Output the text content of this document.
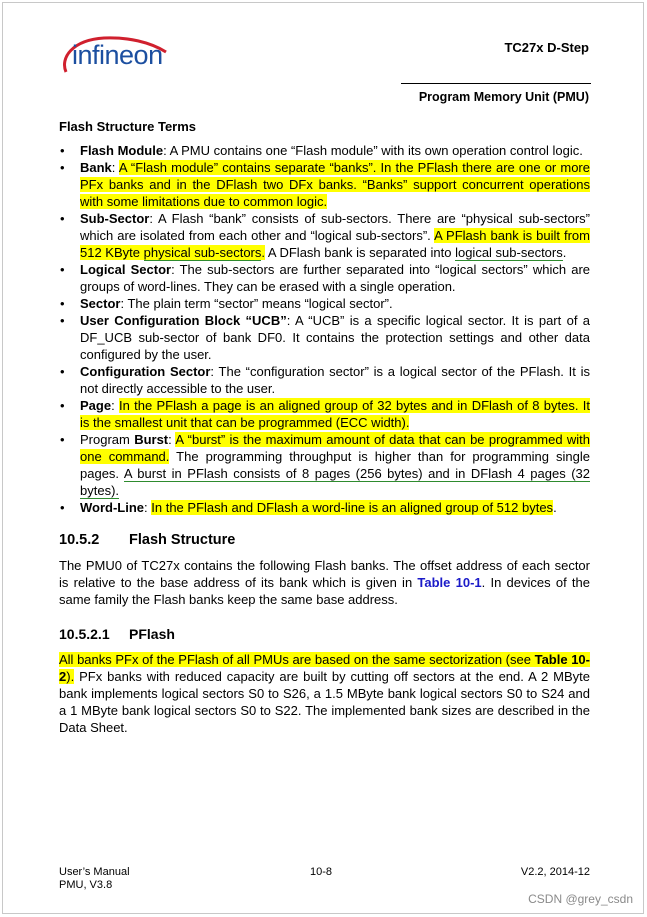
infineon	TC27x D-Step
Program Memory Unit (PMU)
Flash Structure Terms
• Flash Module: A PMU contains one “Flash module” with its own operation control logic.
• Bank: A “Flash module” contains separate “banks”. In the PFlash there are one or more PFx banks and in the DFlash two DFx banks. “Banks” support concurrent operations with some limitations due to common logic.
• Sub-Sector: A Flash “bank” consists of sub-sectors. There are “physical sub-sectors” which are isolated from each other and “logical sub-sectors”. A PFlash bank is built from 512 KByte physical sub-sectors. A DFlash bank is separated into logical sub-sectors.
• Logical Sector: The sub-sectors are further separated into “logical sectors” which are groups of word-lines. They can be erased with a single operation.
• Sector: The plain term “sector” means “logical sector”.
• User Configuration Block “UCB”: A “UCB” is a specific logical sector. It is part of a DF_UCB sub-sector of bank DF0. It contains the protection settings and other data configured by the user.
• Configuration Sector: The “configuration sector” is a logical sector of the PFlash. It is not directly accessible to the user.
• Page: In the PFlash a page is an aligned group of 32 bytes and in DFlash of 8 bytes. It is the smallest unit that can be programmed (ECC width).
• Program Burst: A “burst” is the maximum amount of data that can be programmed with one command. The programming throughput is higher than for programming single pages. A burst in PFlash consists of 8 pages (256 bytes) and in DFlash 4 pages (32 bytes).
• Word-Line: In the PFlash and DFlash a word-line is an aligned group of 512 bytes.
10.5.2 Flash Structure

The PMU0 of TC27x contains the following Flash banks. The offset address of each sector is relative to the base address of its bank which is given in Table 10-1. In devices of the same family the Flash banks keep the same base address.

10.5.2.1 PFlash

All banks PFx of the PFlash of all PMUs are based on the same sectorization (see Table 10-2). PFx banks with reduced capacity are built by cutting off sectors at the end. A 2 MByte bank implements logical sectors S0 to S26, a 1.5 MByte bank logical sectors S0 to S24 and a 1 MByte bank logical sectors S0 to S22. The implemented bank sizes are described in the Data Sheet.

User’s Manual
PMU, V3.8
10-8	V2.2, 2014-12
CSDN @grey_csdn
